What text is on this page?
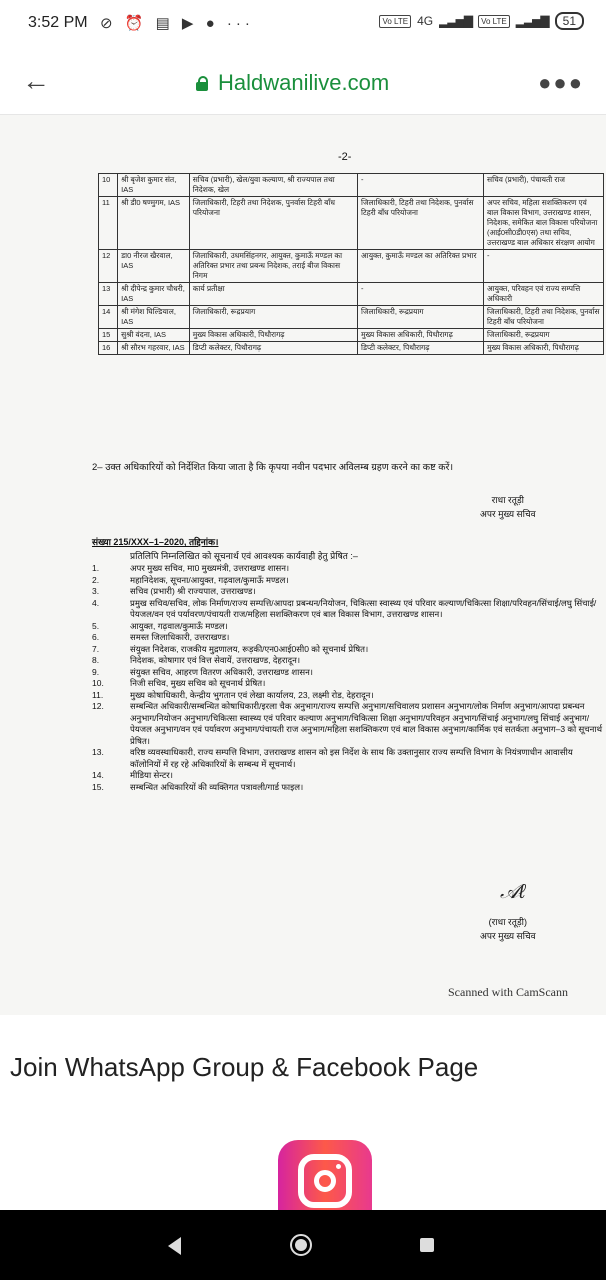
3:52 PM ⊘ ⏰ ▤ ▶ ● ···	Vo LTE 4G ▂▃▅▇	Vo LTE ▂▃▅▇	51
←	Haldwanilive.com	●●●
-2-
10	श्री बृजेश कुमार संत, IAS	सचिव (प्रभारी), खेल/युवा कल्याण, श्री राज्यपाल तथा निदेशक, खेल	-	सचिव (प्रभारी), पंचायती राज
11	श्री डी0 षण्मुगम, IAS	जिलाधिकारी, टिहरी तथा निदेशक, पुनर्वास टिहरी बाँध परियोजना	जिलाधिकारी, टिहरी तथा निदेशक, पुनर्वास टिहरी बाँध परियोजना	अपर सचिव, महिला सशक्तिकरण एवं बाल विकास विभाग, उत्तराखण्ड शासन, निदेशक, समेकित बाल विकास परियोजना (आई0सी0डी0एस) तथा सचिव, उत्तराखण्ड बाल अधिकार संरक्षण आयोग
12	डा0 नीरज खैरवाल, IAS	जिलाधिकारी, उधमसिंहनगर, आयुक्त, कुमाऊँ मण्डल का अतिरिक्त प्रभार तथा प्रबन्ध निदेशक, तराई बीज विकास निगम	आयुक्त, कुमाऊँ मण्डल का अतिरिक्त प्रभार	-
13	श्री दीपेन्द्र कुमार चौधरी, IAS	कार्य प्रतीक्षा	-	आयुक्त, परिवहन एवं राज्य सम्पत्ति अधिकारी
14	श्री मंगेश घिल्डियाल, IAS	जिलाधिकारी, रूद्रप्रयाग	जिलाधिकारी, रूद्रप्रयाग	जिलाधिकारी, टिहरी तथा निदेशक, पुनर्वास टिहरी बाँध परियोजना
15	सुश्री वंदना, IAS	मुख्य विकास अधिकारी, पिथौरागढ़	मुख्य विकास अधिकारी, पिथौरागढ़	जिलाधिकारी, रूद्रप्रयाग
16	श्री सौरभ गहरवार, IAS	डिप्टी कलेक्टर, पिथौरागढ़	डिप्टी कलेक्टर, पिथौरागढ़	मुख्य विकास अधिकारी, पिथौरागढ़
2– उक्त अधिकारियों को निर्देशित किया जाता है कि कृपया नवीन पदभार अविलम्ब ग्रहण करने का कष्ट करें।
राधा रतूड़ी
अपर मुख्य सचिव
संख्या 215/XXX–1–2020, तद्दिनांक।
प्रतिलिपि निम्नलिखित को सूचनार्थ एवं आवश्यक कार्यवाही हेतु प्रेषित :–
1.	अपर मुख्य सचिव, मा0 मुख्यमंत्री, उत्तराखण्ड शासन।
2.	महानिदेशक, सूचना/आयुक्त, गढ़वाल/कुमाऊँ मण्डल।
3.	सचिव (प्रभारी) श्री राज्यपाल, उत्तराखण्ड।
4.	प्रमुख सचिव/सचिव, लोक निर्माण/राज्य सम्पत्ति/आपदा प्रबन्धन/नियोजन, चिकित्सा स्वास्थ्य एवं परिवार कल्याण/चिकित्सा शिक्षा/परिवहन/सिंचाई/लघु सिंचाई/पेयजल/वन एवं पर्यावरण/पंचायती राज/महिला सशक्तिकरण एवं बाल विकास विभाग, उत्तराखण्ड शासन।
5.	आयुक्त, गढ़वाल/कुमाऊँ मण्डल।
6.	समस्त जिलाधिकारी, उत्तराखण्ड।
7.	संयुक्त निदेशक, राजकीय मुद्रणालय, रूड़की/एन0आई0सी0 को सूचनार्थ प्रेषित।
8.	निदेशक, कोषागार एवं वित्त सेवायें, उत्तराखण्ड, देहरादून।
9.	संयुक्त सचिव, आहरण वितरण अधिकारी, उत्तराखण्ड शासन।
10.	निजी सचिव, मुख्य सचिव को सूचनार्थ प्रेषित।
11.	मुख्य कोषाधिकारी, केन्द्रीय भुगतान एवं लेखा कार्यालय, 23, लक्ष्मी रोड, देहरादून।
12.	सम्बन्धित अधिकारी/सम्बन्धित कोषाधिकारी/इरला चैक अनुभाग/राज्य सम्पत्ति अनुभाग/सचिवालय प्रशासन अनुभाग/लोक निर्माण अनुभाग/आपदा प्रबन्धन अनुभाग/नियोजन अनुभाग/चिकित्सा स्वास्थ्य एवं परिवार कल्याण अनुभाग/चिकित्सा शिक्षा अनुभाग/परिवहन अनुभाग/सिंचाई अनुभाग/लघु सिंचाई अनुभाग/पेयजल अनुभाग/वन एवं पर्यावरण अनुभाग/पंचायती राज अनुभाग/महिला सशक्तिकरण एवं बाल विकास अनुभाग/कार्मिक एवं सतर्कता अनुभाग–3 को सूचनार्थ प्रेषित।
13.	वरिष्ठ व्यवस्थाधिकारी, राज्य सम्पत्ति विभाग, उत्तराखण्ड शासन को इस निर्देश के साथ कि उक्तानुसार राज्य सम्पत्ति विभाग के नियंत्रणाधीन आवासीय कॉलोनियों में रह रहे अधिकारियों के सम्बन्ध में सूचनार्थ।
14.	मीडिया सेन्टर।
15.	सम्बन्धित अधिकारियों की व्यक्तिगत पत्रावली/गार्ड फाइल।
𝒜ℓ
(राधा रतूड़ी)
अपर मुख्य सचिव
Scanned with CamScann
Join WhatsApp Group & Facebook Page
